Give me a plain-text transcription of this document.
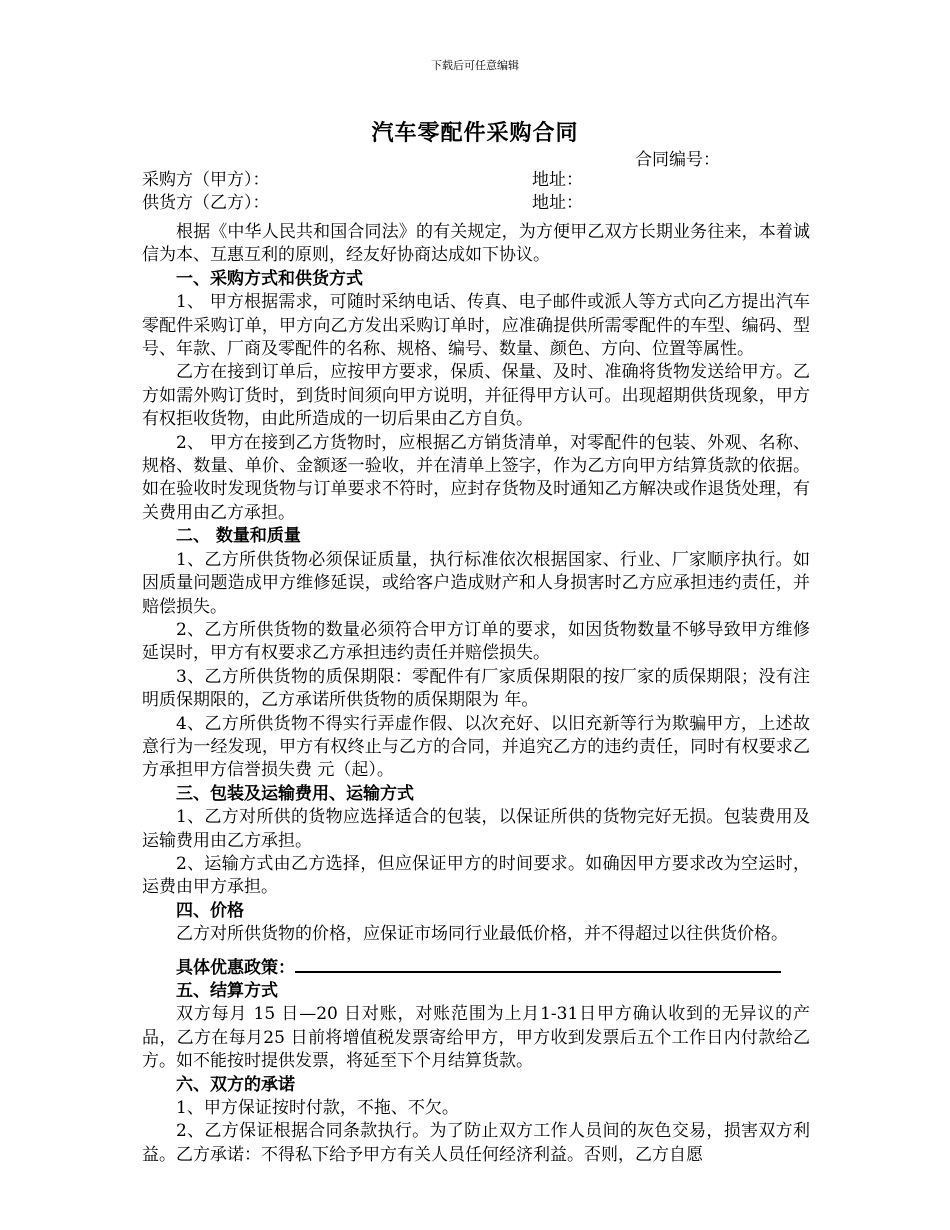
下载后可任意编辑
汽车零配件采购合同
合同编号：
采购方（甲方）：	地址：
供货方（乙方）：	地址：

根据《中华人民共和国合同法》的有关规定，为方便甲乙双方长期业务往来，本着诚信为本、互惠互利的原则，经友好协商达成如下协议。

一、采购方式和供货方式

1、 甲方根据需求，可随时采纳电话、传真、电子邮件或派人等方式向乙方提出汽车零配件采购订单，甲方向乙方发出采购订单时，应准确提供所需零配件的车型、编码、型号、年款、厂商及零配件的名称、规格、编号、数量、颜色、方向、位置等属性。

乙方在接到订单后，应按甲方要求，保质、保量、及时、准确将货物发送给甲方。乙方如需外购订货时，到货时间须向甲方说明，并征得甲方认可。出现超期供货现象，甲方有权拒收货物，由此所造成的一切后果由乙方自负。

2、 甲方在接到乙方货物时，应根据乙方销货清单，对零配件的包装、外观、名称、规格、数量、单价、金额逐一验收，并在清单上签字，作为乙方向甲方结算货款的依据。如在验收时发现货物与订单要求不符时，应封存货物及时通知乙方解决或作退货处理，有关费用由乙方承担。

二、 数量和质量

1、乙方所供货物必须保证质量，执行标准依次根据国家、行业、厂家顺序执行。如因质量问题造成甲方维修延误，或给客户造成财产和人身损害时乙方应承担违约责任，并赔偿损失。

2、乙方所供货物的数量必须符合甲方订单的要求，如因货物数量不够导致甲方维修延误时，甲方有权要求乙方承担违约责任并赔偿损失。

3、乙方所供货物的质保期限：零配件有厂家质保期限的按厂家的质保期限；没有注明质保期限的，乙方承诺所供货物的质保期限为 年。

4、乙方所供货物不得实行弄虚作假、以次充好、以旧充新等行为欺骗甲方，上述故意行为一经发现，甲方有权终止与乙方的合同，并追究乙方的违约责任，同时有权要求乙方承担甲方信誉损失费 元（起）。

三、包装及运输费用、运输方式

1、乙方对所供的货物应选择适合的包装，以保证所供的货物完好无损。包装费用及运输费用由乙方承担。

2、运输方式由乙方选择，但应保证甲方的时间要求。如确因甲方要求改为空运时，运费由甲方承担。

四、价格

乙方对所供货物的价格，应保证市场同行业最低价格，并不得超过以往供货价格。

具体优惠政策：

五、结算方式

双方每月 15 日—20 日对账，对账范围为上月1-31日甲方确认收到的无异议的产品，乙方在每月25 日前将增值税发票寄给甲方，甲方收到发票后五个工作日内付款给乙方。如不能按时提供发票，将延至下个月结算货款。

六、双方的承诺

1、甲方保证按时付款，不拖、不欠。

2、乙方保证根据合同条款执行。为了防止双方工作人员间的灰色交易，损害双方利益。乙方承诺：不得私下给予甲方有关人员任何经济利益。否则，乙方自愿
